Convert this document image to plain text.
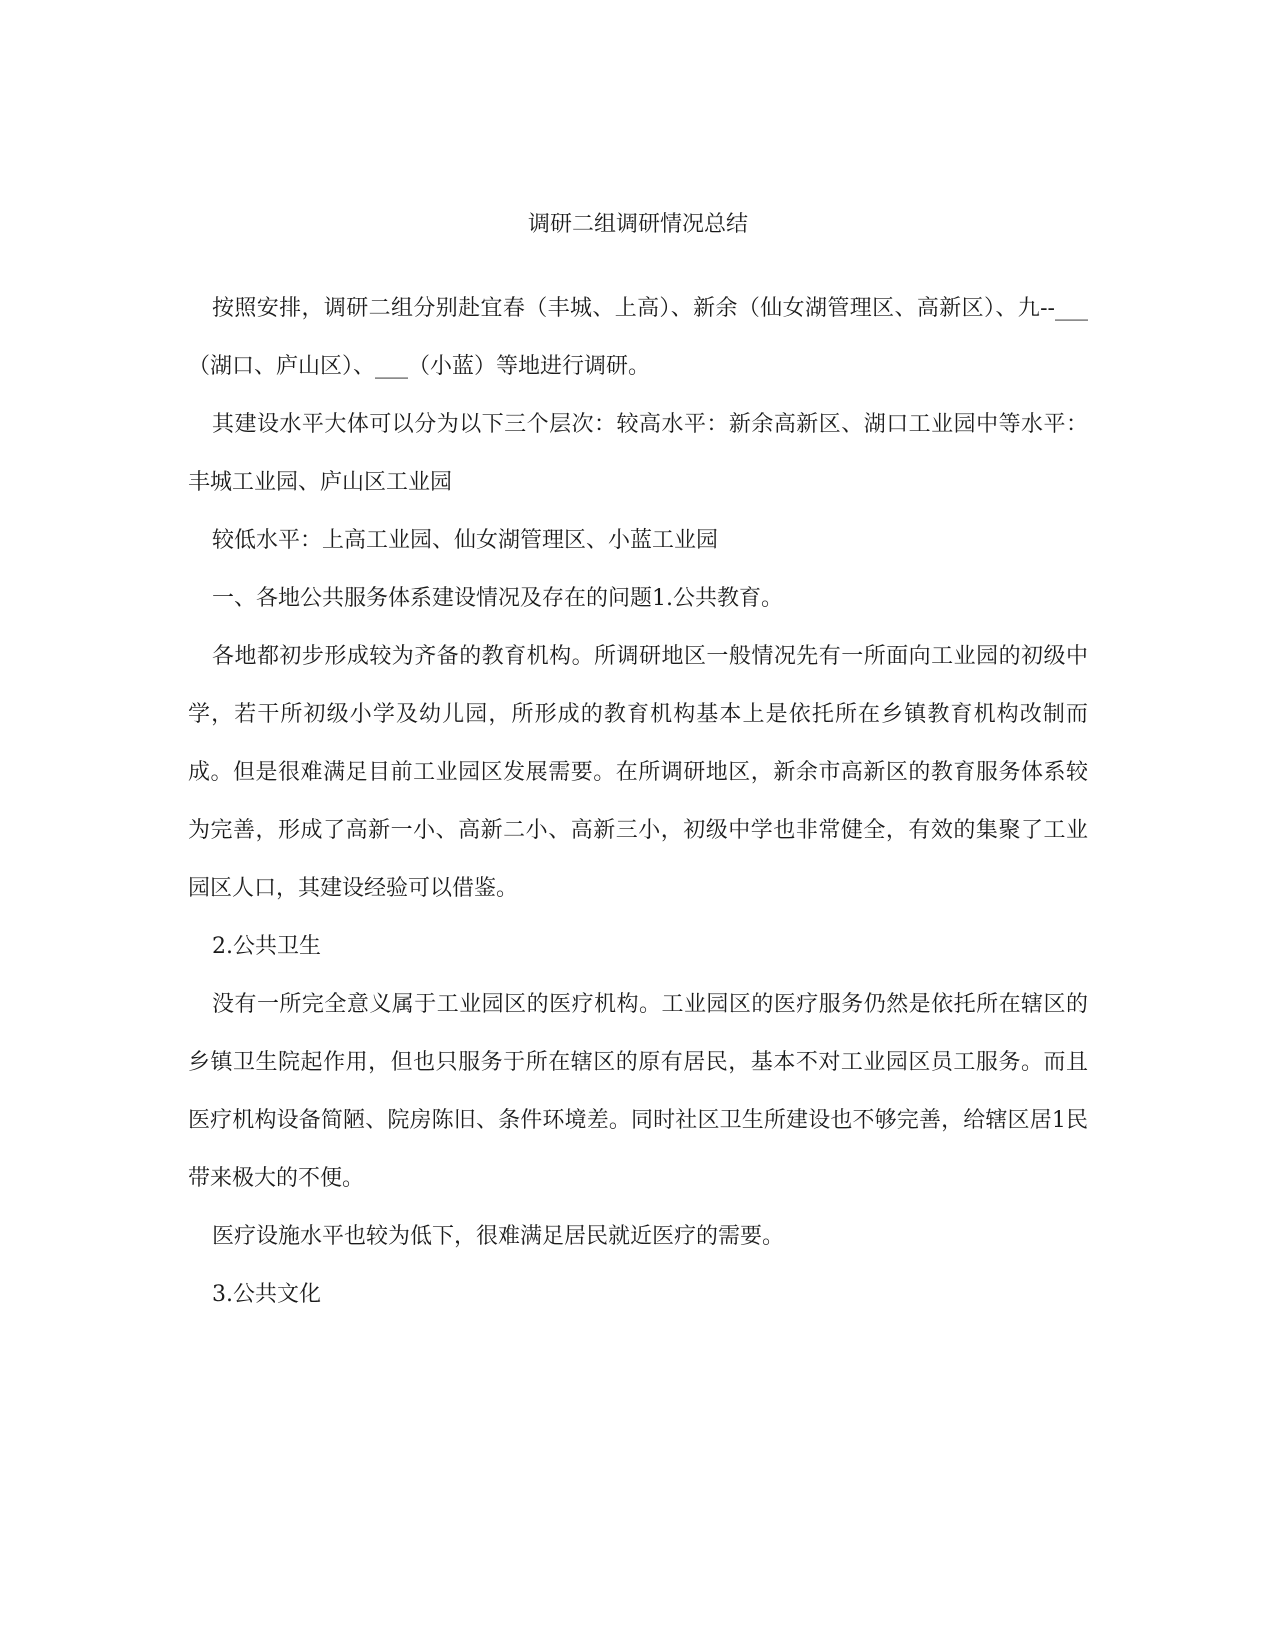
调研二组调研情况总结

按照安排，调研二组分别赴宜春（丰城、上高）、新余（仙女湖管理区、高新区）、九--___（湖口、庐山区）、___（小蓝）等地进行调研。

其建设水平大体可以分为以下三个层次：较高水平：新余高新区、湖口工业园中等水平：丰城工业园、庐山区工业园

较低水平：上高工业园、仙女湖管理区、小蓝工业园

一、各地公共服务体系建设情况及存在的问题1.公共教育。

各地都初步形成较为齐备的教育机构。所调研地区一般情况先有一所面向工业园的初级中学，若干所初级小学及幼儿园，所形成的教育机构基本上是依托所在乡镇教育机构改制而成。但是很难满足目前工业园区发展需要。在所调研地区，新余市高新区的教育服务体系较为完善，形成了高新一小、高新二小、高新三小，初级中学也非常健全，有效的集聚了工业园区人口，其建设经验可以借鉴。

2.公共卫生

没有一所完全意义属于工业园区的医疗机构。工业园区的医疗服务仍然是依托所在辖区的乡镇卫生院起作用，但也只服务于所在辖区的原有居民，基本不对工业园区员工服务。而且医疗机构设备简陋、院房陈旧、条件环境差。同时社区卫生所建设也不够完善，给辖区居1民带来极大的不便。

医疗设施水平也较为低下，很难满足居民就近医疗的需要。

3.公共文化
